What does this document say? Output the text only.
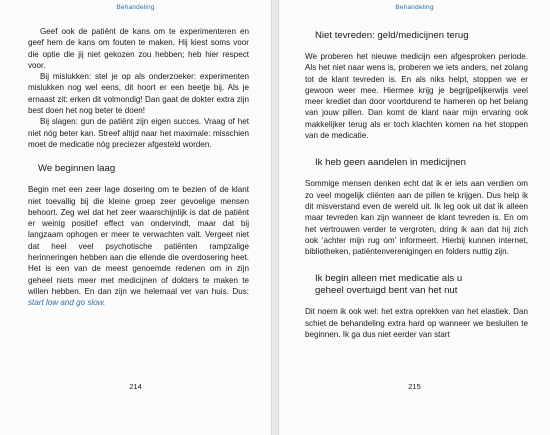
Behandeling

Geef ook de patiënt de kans om te experimenteren en geef hem de kans om fouten te maken. Hij kiest soms voor die optie die jij niet gekozen zou hebben; heb hier respect voor.

Bij mislukken: stel je op als onderzoeker: experimenten mislukken nog wel eens, dit hoort er een beetje bij. Als je ernaast zit: erken dit volmondig! Dan gaat de dokter extra zijn best doen het nog beter te doen!

Bij slagen: gun de patiënt zijn eigen succes. Vraag of het niet nóg beter kan. Streef altijd naar het maximale: misschien moet de medicatie nóg preciezer afgesteld worden.

We beginnen laag

Begin met een zeer lage dosering om te bezien of de klant niet toevallig bij die kleine groep zeer gevoelige mensen behoort. Zeg wel dat het zeer waarschijnlijk is dat de patiënt er weinig positief effect van ondervindt, maar dat bij langzaam ophogen er meer te verwachten valt. Vergeet niet dat heel veel psychotische patiënten rampzalige herinneringen hebben aan die ellende die overdosering heet. Het is een van de meest genoemde redenen om in zijn geheel niets meer met medicijnen of dokters te maken te willen hebben. En dan zijn we helemaal ver van huis. Dus: start low and go slow.

214
Behandeling
Niet tevreden: geld/medicijnen terug

We proberen het nieuwe medicijn een afgesproken periode. Als het niet naar wens is, proberen we iets anders, net zolang tot de klant tevreden is. En als niks helpt, stoppen we er gewoon weer mee. Hiermee krijg je begrijpelijkerwijs veel meer krediet dan door voortdurend te hameren op het belang van jouw pillen. Dan komt de klant naar mijn ervaring ook makkelijker terug als er toch klachten komen na het stoppen van de medicatie.

Ik heb geen aandelen in medicijnen

Sommige mensen denken echt dat ik er iets aan verdien om zo veel mogelijk cliënten aan de pillen te krijgen. Dus help ik dit misverstand even de wereld uit. Ik leg ook uit dat ik alleen maar tevreden kan zijn wanneer de klant tevreden is. En om het vertrouwen verder te vergroten, dring ik aan dat hij zich ook ‘achter mijn rug om’ informeert. Hierbij kunnen internet, bibliotheken, patiëntenverenigingen en folders nuttig zijn.

Ik begin alleen met medicatie als u
geheel overtuigd bent van het nut

Dit noem ik ook wel: het extra oprekken van het elastiek. Dan schiet de behandeling extra hard op wanneer we besluiten te beginnen. Ik ga dus niet eerder van start

215
